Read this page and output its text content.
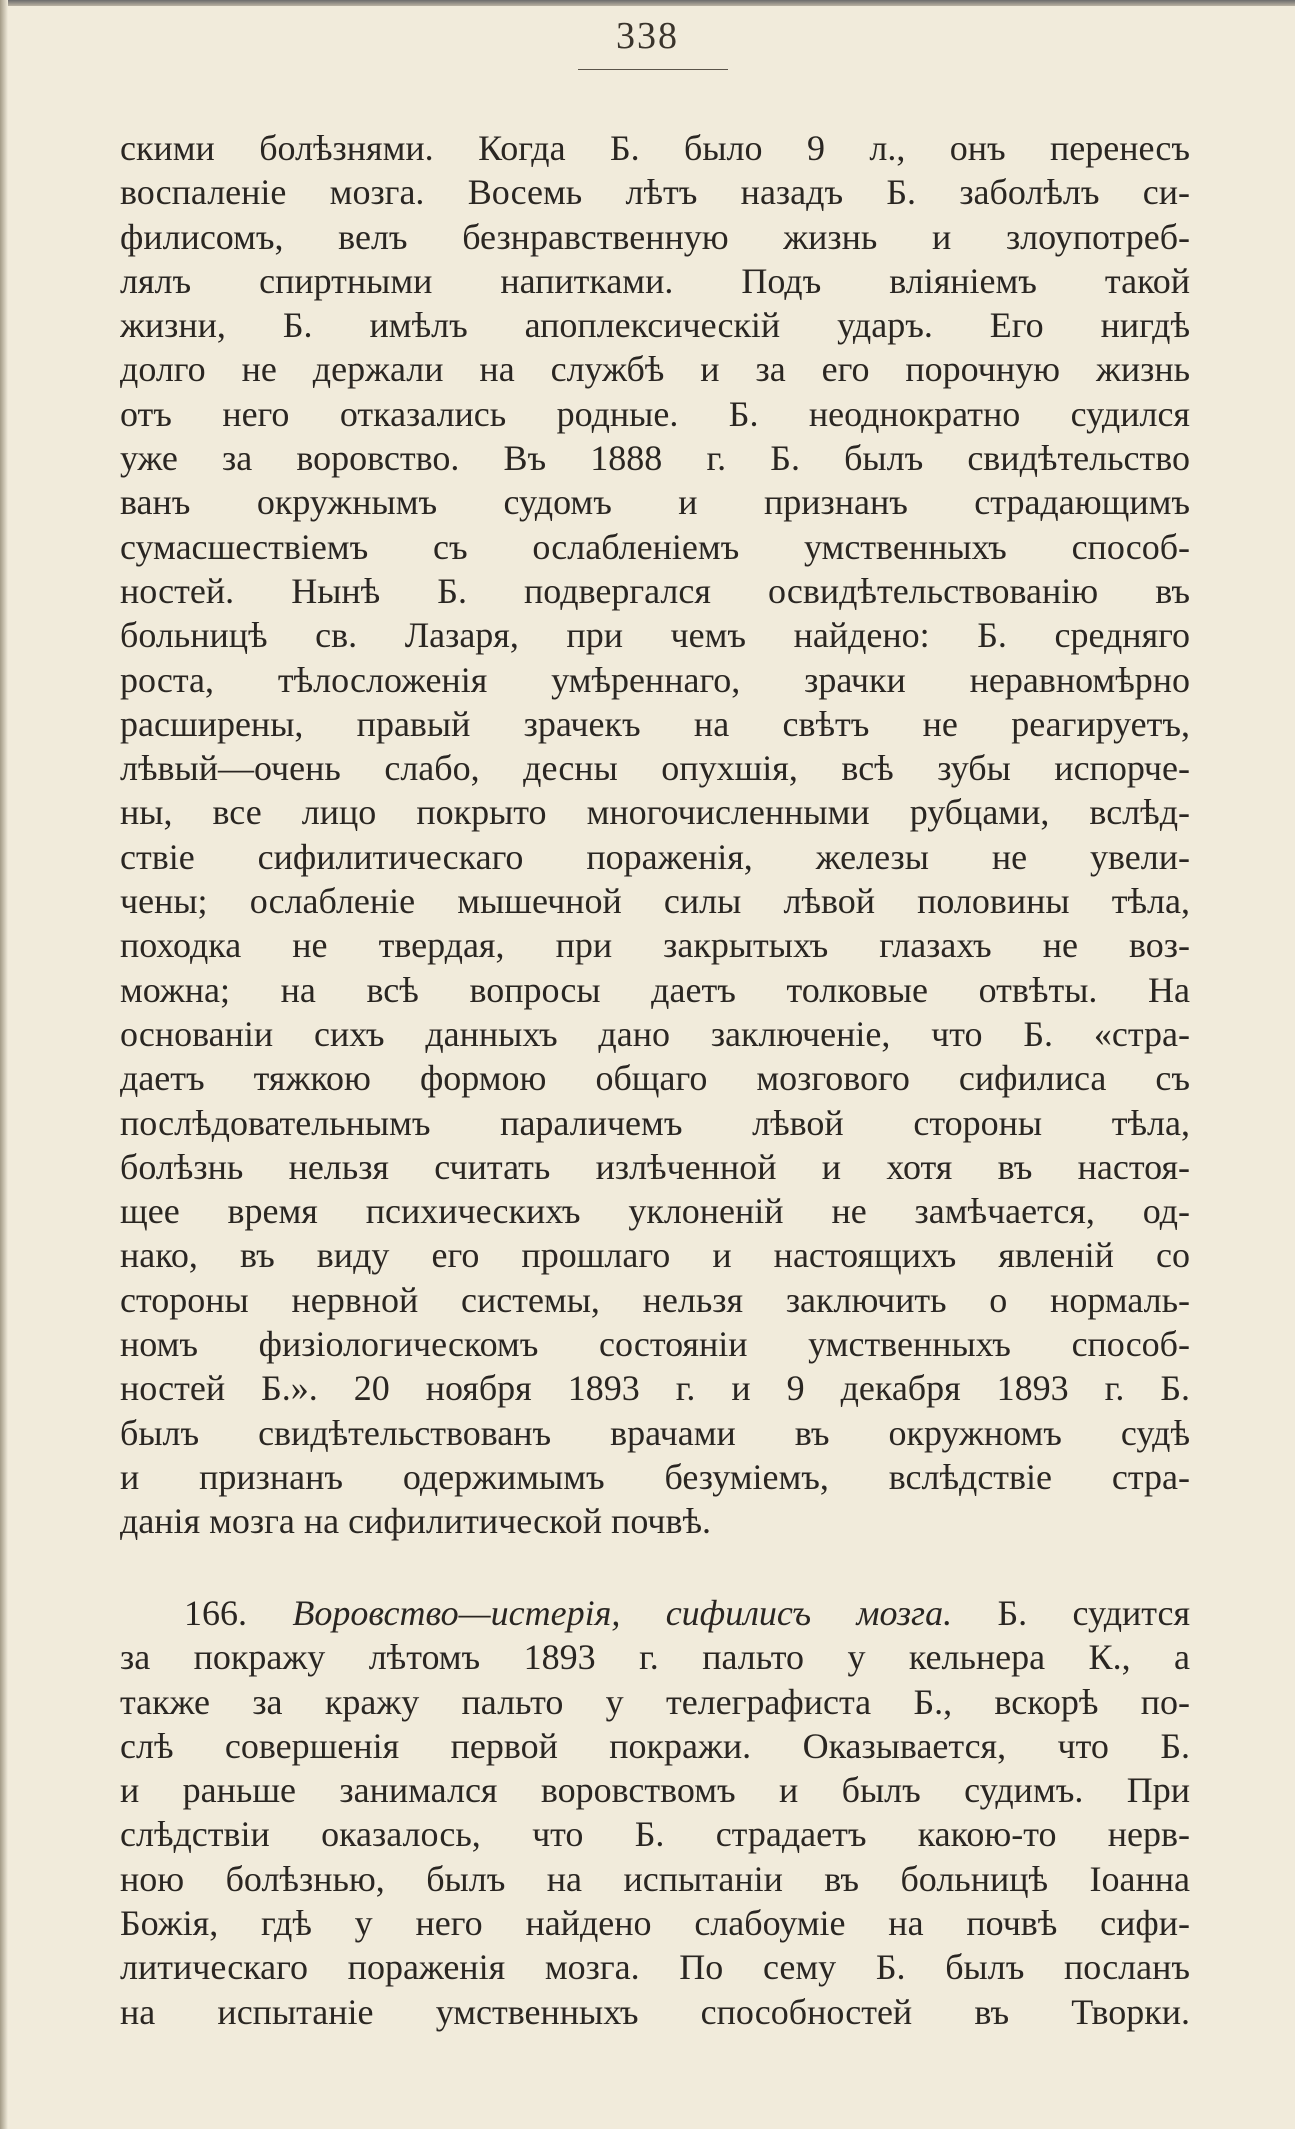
338
скими болѣзнями. Когда Б. было 9 л., онъ перенесъ
воспаленіе мозга. Восемь лѣтъ назадъ Б. заболѣлъ си-
филисомъ, велъ безнравственную жизнь и злоупотреб-
лялъ спиртными напитками. Подъ вліяніемъ такой
жизни, Б. имѣлъ апоплексическій ударъ. Его нигдѣ
долго не держали на службѣ и за его порочную жизнь
отъ него отказались родные. Б. неоднократно судился
уже за воровство. Въ 1888 г. Б. былъ свидѣтельство
ванъ окружнымъ судомъ и признанъ страдающимъ
сумасшествіемъ съ ослабленіемъ умственныхъ способ-
ностей. Нынѣ Б. подвергался освидѣтельствованію въ
больницѣ св. Лазаря, при чемъ найдено: Б. средняго
роста, тѣлосложенія умѣреннаго, зрачки неравномѣрно
расширены, правый зрачекъ на свѣтъ не реагируетъ,
лѣвый—очень слабо, десны опухшія, всѣ зубы испорче-
ны, все лицо покрыто многочисленными рубцами, вслѣд-
ствіе сифилитическаго пораженія, железы не увели-
чены; ослабленіе мышечной силы лѣвой половины тѣла,
походка не твердая, при закрытыхъ глазахъ не воз-
можна; на всѣ вопросы даетъ толковые отвѣты. На
основаніи сихъ данныхъ дано заключеніе, что Б. «стра-
даетъ тяжкою формою общаго мозгового сифилиса съ
послѣдовательнымъ параличемъ лѣвой стороны тѣла,
болѣзнь нельзя считать излѣченной и хотя въ настоя-
щее время психическихъ уклоненій не замѣчается, од-
нако, въ виду его прошлаго и настоящихъ явленій со
стороны нервной системы, нельзя заключить о нормаль-
номъ физіологическомъ состояніи умственныхъ способ-
ностей Б.». 20 ноября 1893 г. и 9 декабря 1893 г. Б.
былъ свидѣтельствованъ врачами въ окружномъ судѣ
и признанъ одержимымъ безуміемъ, вслѣдствіе стра-
данія мозга на сифилитической почвѣ.
166. Воровство—истерія, сифилисъ мозга. Б. судится
за покражу лѣтомъ 1893 г. пальто у кельнера К., а
также за кражу пальто у телеграфиста Б., вскорѣ по-
слѣ совершенія первой покражи. Оказывается, что Б.
и раньше занимался воровствомъ и былъ судимъ. При
слѣдствіи оказалось, что Б. страдаетъ какою-то нерв-
ною болѣзнью, былъ на испытаніи въ больницѣ Іоанна
Божія, гдѣ у него найдено слабоуміе на почвѣ сифи-
литическаго пораженія мозга. По сему Б. былъ посланъ
на испытаніе умственныхъ способностей въ Творки.
